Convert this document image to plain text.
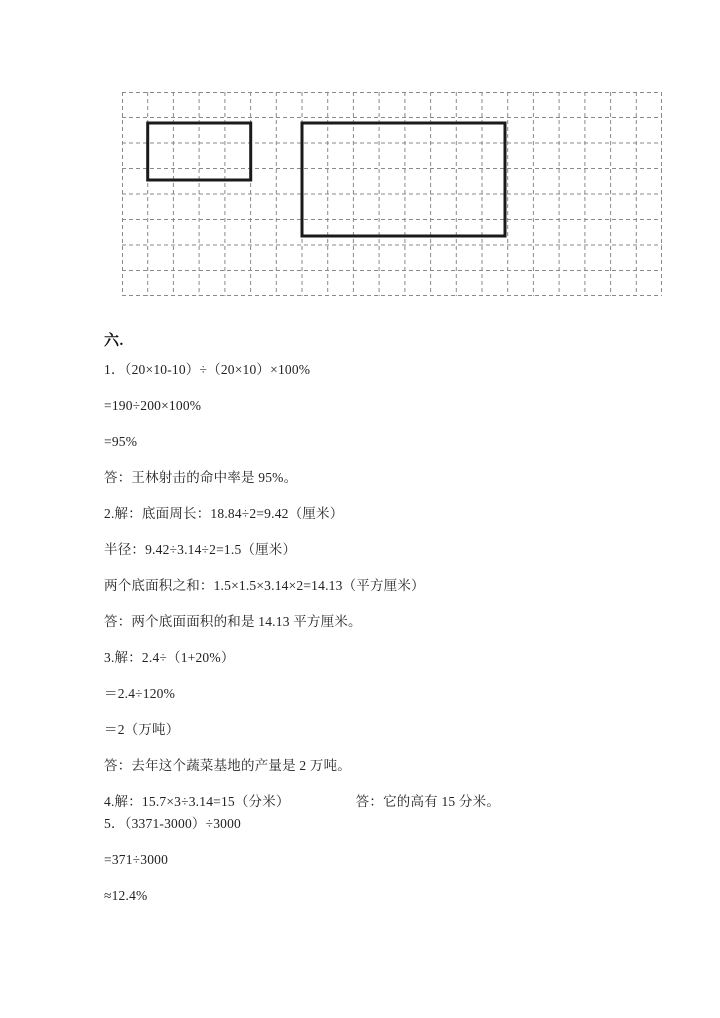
六.

1．（20×10-10）÷（20×10）×100%

=190÷200×100%

=95%

答：王林射击的命中率是 95%。

2.解：底面周长：18.84÷2=9.42（厘米）

半径：9.42÷3.14÷2=1.5（厘米）

两个底面积之和：1.5×1.5×3.14×2=14.13（平方厘米）

答：两个底面面积的和是 14.13 平方厘米。

3.解：2.4÷（1+20%）

＝2.4÷120%

＝2（万吨）

答：去年这个蔬菜基地的产量是 2 万吨。

4.解：15.7×3÷3.14=15（分米）	答：它的高有 15 分米。

5．（3371-3000）÷3000

=371÷3000

≈12.4%
